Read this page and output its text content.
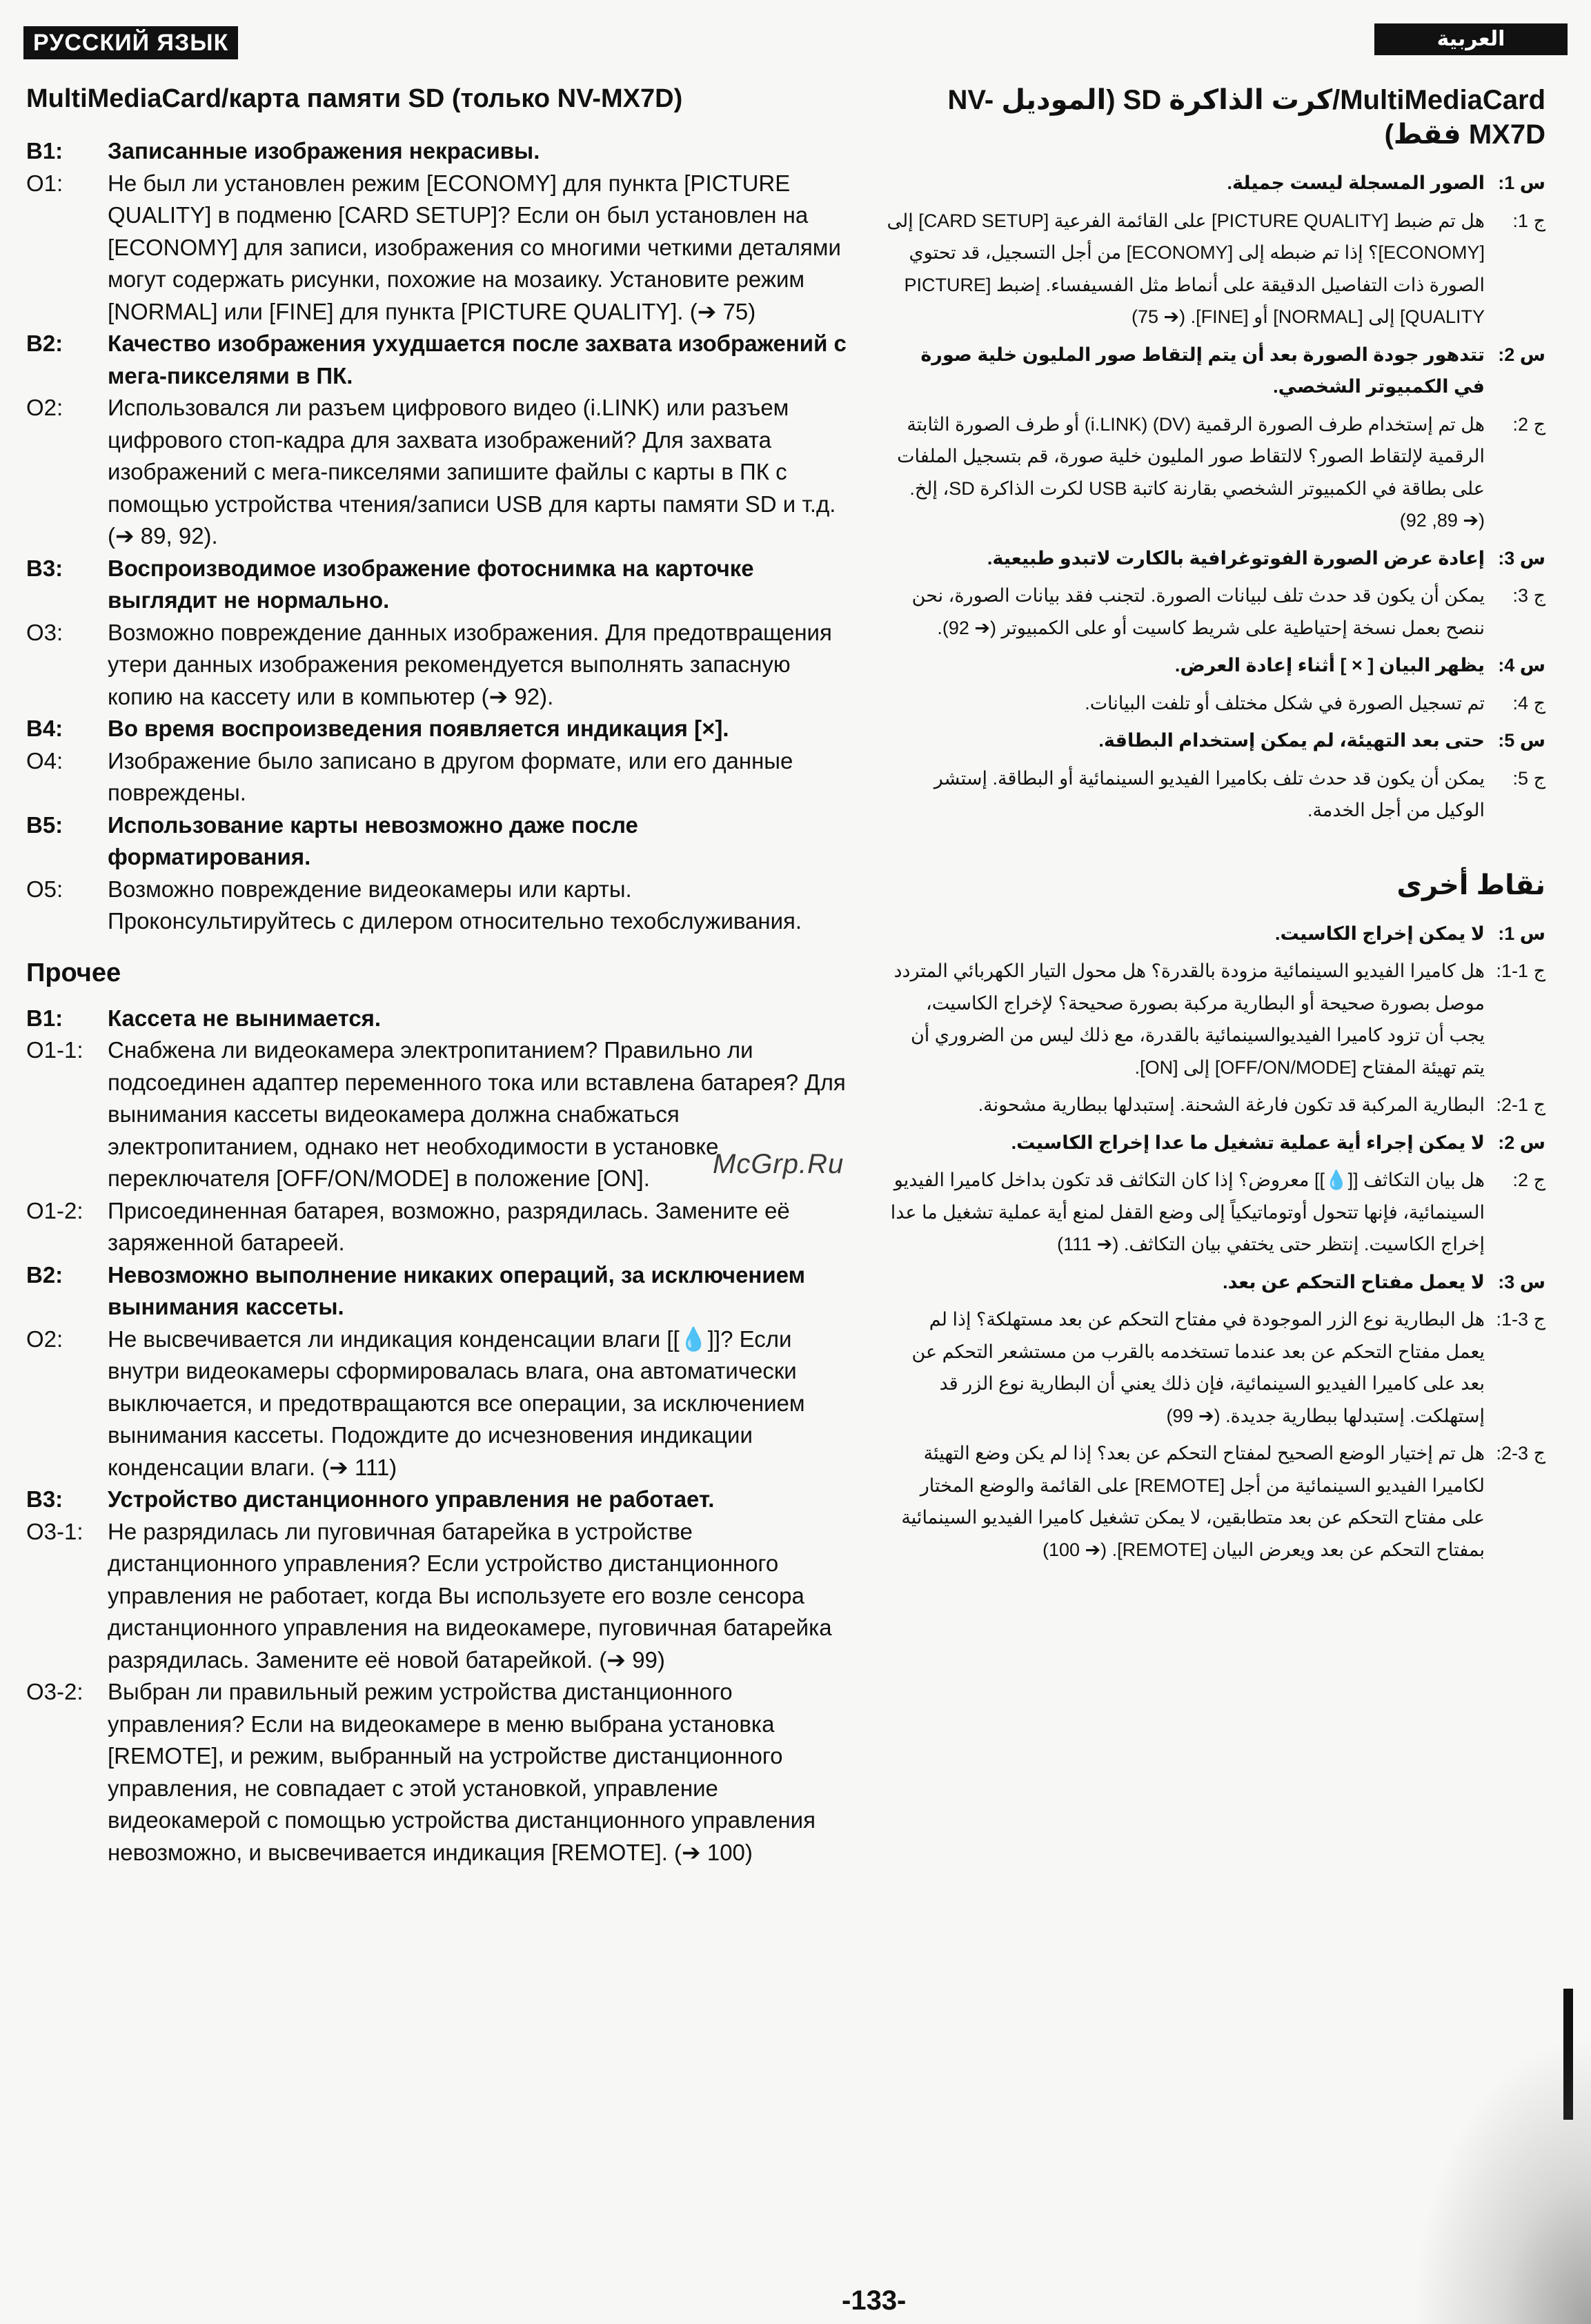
РУССКИЙ ЯЗЫК	العربية
MultiMediaCard/карта памяти SD (только NV-MX7D)
В1:	Записанные изображения некрасивы.
О1:	Не был ли установлен режим [ECONOMY] для пункта [PICTURE QUALITY] в подменю [CARD SETUP]? Если он был установлен на [ECONOMY] для записи, изображения со многими четкими деталями могут содержать рисунки, похожие на мозаику. Установите режим [NORMAL] или [FINE] для пункта [PICTURE QUALITY]. (➔ 75)
В2:	Качество изображения ухудшается после захвата изображений с мега-пикселями в ПК.
О2:	Использовался ли разъем цифрового видео (i.LINK) или разъем цифрового стоп-кадра для захвата изображений? Для захвата изображений с мега-пикселями запишите файлы с карты в ПК с помощью устройства чтения/записи USB для карты памяти SD и т.д. (➔ 89, 92).
В3:	Воспроизводимое изображение фотоснимка на карточке выглядит не нормально.
О3:	Возможно повреждение данных изображения. Для предотвращения утери данных изображения рекомендуется выполнять запасную копию на кассету или в компьютер (➔ 92).
В4:	Во время воспроизведения появляется индикация [×].
О4:	Изображение было записано в другом формате, или его данные повреждены.
В5:	Использование карты невозможно даже после форматирования.
О5:	Возможно повреждение видеокамеры или карты. Проконсультируйтесь с дилером относительно техобслуживания.
Прочее
В1:	Кассета не вынимается.
О1-1:	Снабжена ли видеокамера электропитанием? Правильно ли подсоединен адаптер переменного тока или вставлена батарея? Для вынимания кассеты видеокамера должна снабжаться электропитанием, однако нет необходимости в установке переключателя [OFF/ON/MODE] в положение [ON].
О1-2:	Присоединенная батарея, возможно, разрядилась. Замените её заряженной батареей.
В2:	Невозможно выполнение никаких операций, за исключением вынимания кассеты.
О2:	Не высвечивается ли индикация конденсации влаги [[💧]]? Если внутри видеокамеры сформировалась влага, она автоматически выключается, и предотвращаются все операции, за исключением вынимания кассеты. Подождите до исчезновения индикации конденсации влаги. (➔ 111)
В3:	Устройство дистанционного управления не работает.
О3-1:	Не разрядилась ли пуговичная батарейка в устройстве дистанционного управления? Если устройство дистанционного управления не работает, когда Вы используете его возле сенсора дистанционного управления на видеокамере, пуговичная батарейка разрядилась. Замените её новой батарейкой. (➔ 99)
О3-2:	Выбран ли правильный режим устройства дистанционного управления? Если на видеокамере в меню выбрана установка [REMOTE], и режим, выбранный на устройстве дистанционного управления, не совпадает с этой установкой, управление видеокамерой с помощью устройства дистанционного управления невозможно, и высвечивается индикация [REMOTE]. (➔ 100)
MultiMediaCard/كرت الذاكرة SD (الموديل NV-MX7D فقط)
س 1:
الصور المسجلة ليست جميلة.
ج 1:
هل تم ضبط [PICTURE QUALITY] على القائمة الفرعية [CARD SETUP] إلى [ECONOMY]؟ إذا تم ضبطه إلى [ECONOMY] من أجل التسجيل، قد تحتوي الصورة ذات التفاصيل الدقيقة على أنماط مثل الفسيفساء. إضبط [PICTURE QUALITY] إلى [NORMAL] أو [FINE]. (➔ 75)
س 2:
تتدهور جودة الصورة بعد أن يتم إلتقاط صور المليون خلية صورة في الكمبيوتر الشخصي.
ج 2:
هل تم إستخدام طرف الصورة الرقمية (DV) (i.LINK) أو طرف الصورة الثابتة الرقمية لإلتقاط الصور؟ لالتقاط صور المليون خلية صورة، قم بتسجيل الملفات على بطاقة في الكمبيوتر الشخصي بقارنة كاتبة USB لكرت الذاكرة SD، إلخ. (➔ 89, 92)
س 3:
إعادة عرض الصورة الفوتوغرافية بالكارت لاتبدو طبيعية.
ج 3:
يمكن أن يكون قد حدث تلف لبيانات الصورة. لتجنب فقد بيانات الصورة، نحن ننصح بعمل نسخة إحتياطية على شريط كاسيت أو على الكمبيوتر (➔ 92).
س 4:
يظهر البيان [ × ] أثناء إعادة العرض.
ج 4:
تم تسجيل الصورة في شكل مختلف أو تلفت البيانات.
س 5:
حتى بعد التهيئة، لم يمكن إستخدام البطاقة.
ج 5:
يمكن أن يكون قد حدث تلف بكاميرا الفيديو السينمائية أو البطاقة. إستشر الوكيل من أجل الخدمة.
نقاط أخرى
س 1:
لا يمكن إخراج الكاسيت.
ج 1-1:
هل كاميرا الفيديو السينمائية مزودة بالقدرة؟ هل محول التيار الكهربائي المتردد موصل بصورة صحيحة أو البطارية مركبة بصورة صحيحة؟ لإخراج الكاسيت، يجب أن تزود كاميرا الفيديوالسينمائية بالقدرة، مع ذلك ليس من الضروري أن يتم تهيئة المفتاح [OFF/ON/MODE] إلى [ON].
ج 1-2:
البطارية المركبة قد تكون فارغة الشحنة. إستبدلها ببطارية مشحونة.
س 2:
لا يمكن إجراء أية عملية تشغيل ما عدا إخراج الكاسيت.
ج 2:
هل بيان التكاثف [[💧]] معروض؟ إذا كان التكاثف قد تكون بداخل كاميرا الفيديو السينمائية، فإنها تتحول أوتوماتيكياً إلى وضع القفل لمنع أية عملية تشغيل ما عدا إخراج الكاسيت. إنتظر حتى يختفي بيان التكاثف. (➔ 111)
س 3:
لا يعمل مفتاح التحكم عن بعد.
ج 3-1:
هل البطارية نوع الزر الموجودة في مفتاح التحكم عن بعد مستهلكة؟ إذا لم يعمل مفتاح التحكم عن بعد عندما تستخدمه بالقرب من مستشعر التحكم عن بعد على كاميرا الفيديو السينمائية، فإن ذلك يعني أن البطارية نوع الزر قد إستهلكت. إستبدلها ببطارية جديدة. (➔ 99)
ج 3-2:
هل تم إختيار الوضع الصحيح لمفتاح التحكم عن بعد؟ إذا لم يكن وضع التهيئة لكاميرا الفيديو السينمائية من أجل [REMOTE] على القائمة والوضع المختار على مفتاح التحكم عن بعد متطابقين، لا يمكن تشغيل كاميرا الفيديو السينمائية بمفتاح التحكم عن بعد ويعرض البيان [REMOTE]. (➔ 100)
McGrp.Ru
-133-
